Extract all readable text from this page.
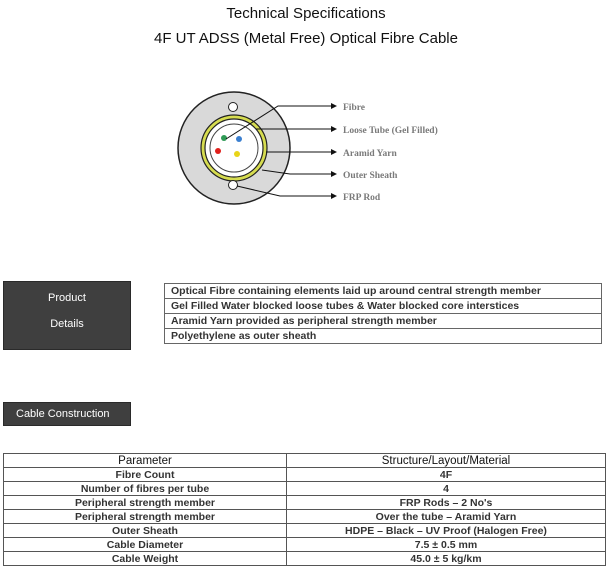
Technical Specifications
4F UT ADSS (Metal Free) Optical Fibre Cable
Fibre
Loose Tube (Gel Filled)
Aramid Yarn
Outer Sheath
FRP Rod
Product
Details
Optical Fibre containing elements laid up around central strength member
Gel Filled Water blocked loose tubes & Water blocked core interstices
Aramid Yarn provided as peripheral strength member
Polyethylene as outer sheath
Cable Construction
Parameter	Structure/Layout/Material
Fibre Count	4F
Number of fibres per tube	4
Peripheral strength member	FRP Rods – 2 No's
Peripheral strength member	Over the tube – Aramid Yarn
Outer Sheath	HDPE – Black – UV Proof (Halogen Free)
Cable Diameter	7.5 ± 0.5 mm
Cable Weight	45.0 ± 5 kg/km
